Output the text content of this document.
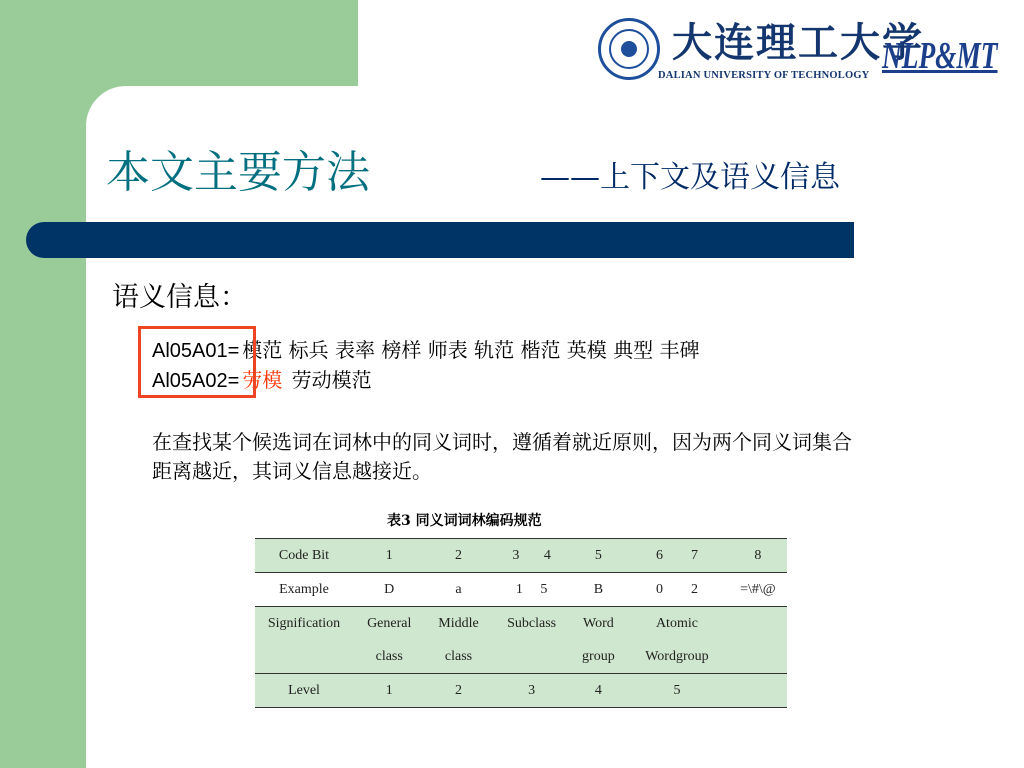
大连理工大学
DALIAN UNIVERSITY OF TECHNOLOGY NLP&MT
本文主要方法	——上下文及语义信息
语义信息：
Al05A01= 模范 标兵 表率 榜样 师表 轨范 楷范 英模 典型 丰碑
Al05A02= 劳模 劳动模范
在查找某个候选词在词林中的同义词时，遵循着就近原则，因为两个同义词集合距离越近，其词义信息越接近。
表3 同义词词林编码规范
Code Bit	1	2	3 4	5	6 7	8
Example	D	a	1 5	B	0 2	=\#\@
Signification	General	Middle	Subclass	Word	Atomic	
	class	class		group	Wordgroup	
Level	1	2	3	4	5	
